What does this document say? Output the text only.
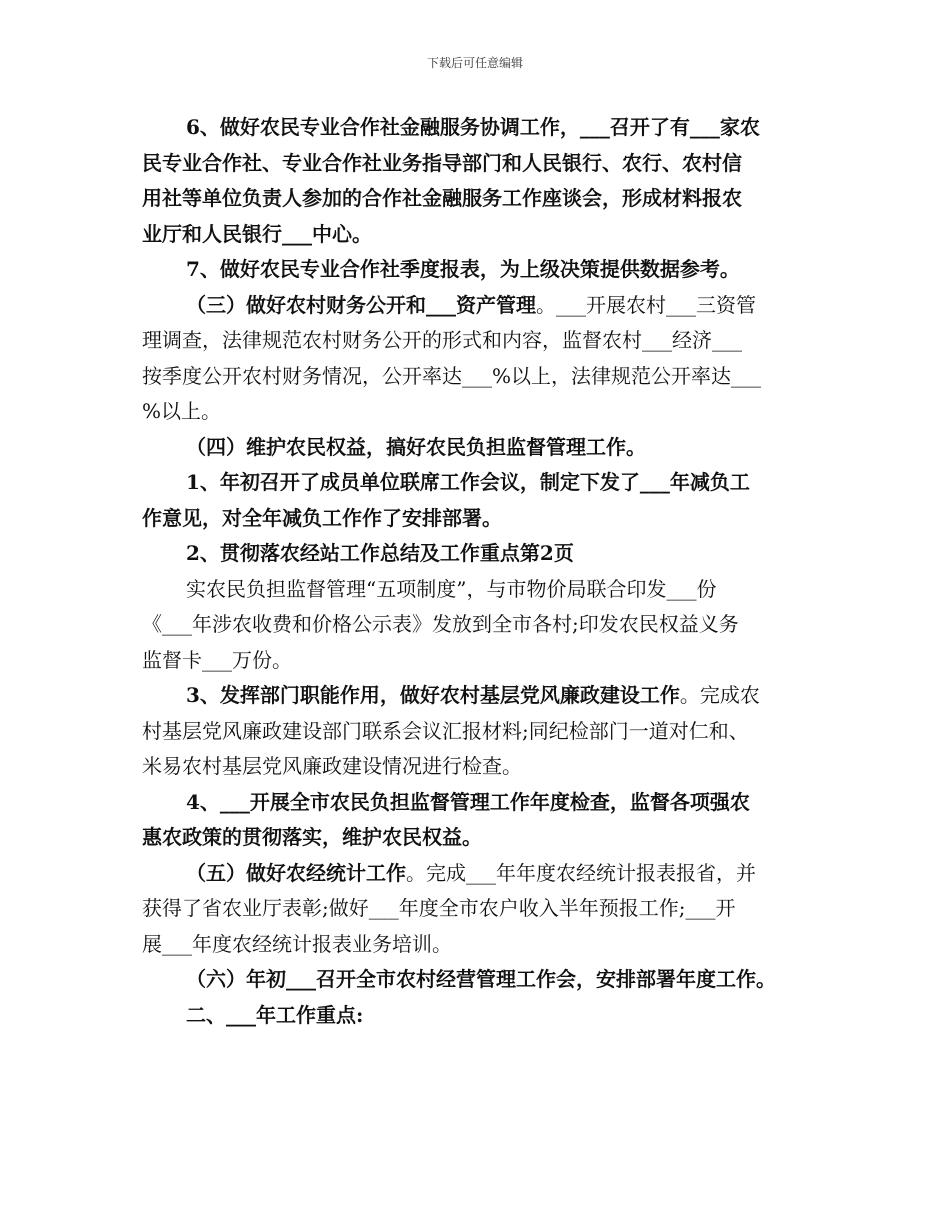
下载后可任意编辑
6、做好农民专业合作社金融服务协调工作，___召开了有___家农
民专业合作社、专业合作社业务指导部门和人民银行、农行、农村信
用社等单位负责人参加的合作社金融服务工作座谈会，形成材料报农
业厅和人民银行___中心。
7、做好农民专业合作社季度报表，为上级决策提供数据参考。
（三）做好农村财务公开和___资产管理。___开展农村___三资管
理调查，法律规范农村财务公开的形式和内容，监督农村___经济___
按季度公开农村财务情况，公开率达___%以上，法律规范公开率达___
%以上。
（四）维护农民权益，搞好农民负担监督管理工作。
1、年初召开了成员单位联席工作会议，制定下发了___年减负工
作意见，对全年减负工作作了安排部署。
2、贯彻落农经站工作总结及工作重点第2页
实农民负担监督管理“五项制度”，与市物价局联合印发___份
《___年涉农收费和价格公示表》发放到全市各村;印发农民权益义务
监督卡___万份。
3、发挥部门职能作用，做好农村基层党风廉政建设工作。完成农
村基层党风廉政建设部门联系会议汇报材料;同纪检部门一道对仁和、
米易农村基层党风廉政建设情况进行检查。
4、___开展全市农民负担监督管理工作年度检查，监督各项强农
惠农政策的贯彻落实，维护农民权益。
（五）做好农经统计工作。完成___年年度农经统计报表报省，并
获得了省农业厅表彰;做好___年度全市农户收入半年预报工作;___开
展___年度农经统计报表业务培训。
（六）年初___召开全市农村经营管理工作会，安排部署年度工作。
二、___年工作重点:
